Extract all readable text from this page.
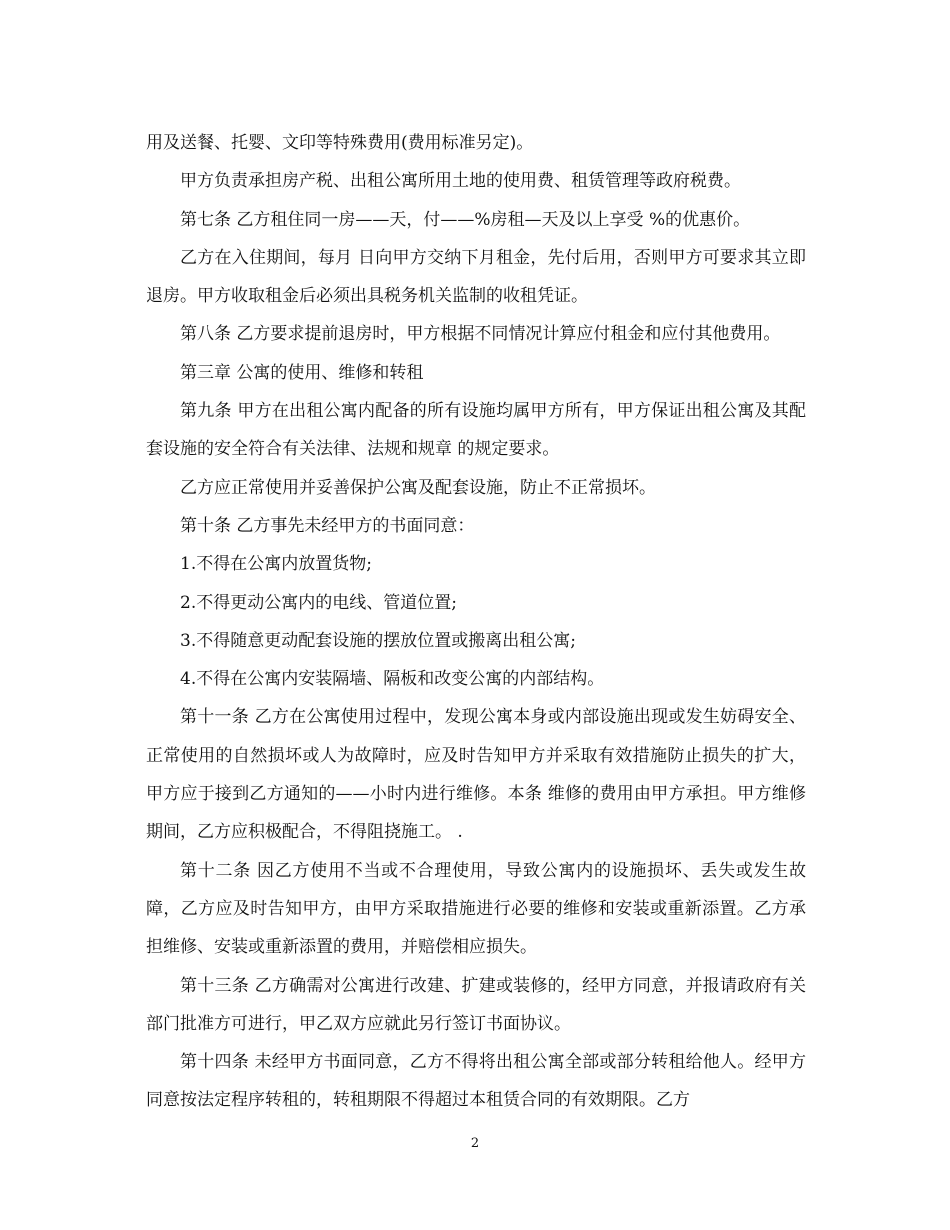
用及送餐、托婴、文印等特殊费用(费用标准另定)。

甲方负责承担房产税、出租公寓所用土地的使用费、租赁管理等政府税费。

第七条 乙方租住同一房——天，付——%房租—天及以上享受 %的优惠价。

乙方在入住期间，每月 日向甲方交纳下月租金，先付后用，否则甲方可要求其立即退房。甲方收取租金后必须出具税务机关监制的收租凭证。

第八条 乙方要求提前退房时，甲方根据不同情况计算应付租金和应付其他费用。

第三章 公寓的使用、维修和转租

第九条 甲方在出租公寓内配备的所有设施均属甲方所有，甲方保证出租公寓及其配套设施的安全符合有关法律、法规和规章 的规定要求。

乙方应正常使用并妥善保护公寓及配套设施，防止不正常损坏。

第十条 乙方事先未经甲方的书面同意：

1.不得在公寓内放置货物;

2.不得更动公寓内的电线、管道位置;

3.不得随意更动配套设施的摆放位置或搬离出租公寓;

4.不得在公寓内安装隔墙、隔板和改变公寓的内部结构。

第十一条 乙方在公寓使用过程中，发现公寓本身或内部设施出现或发生妨碍安全、正常使用的自然损坏或人为故障时，应及时告知甲方并采取有效措施防止损失的扩大，甲方应于接到乙方通知的——小时内进行维修。本条 维修的费用由甲方承担。甲方维修期间，乙方应积极配合，不得阻挠施工。 .

第十二条 因乙方使用不当或不合理使用，导致公寓内的设施损坏、丢失或发生故障，乙方应及时告知甲方，由甲方采取措施进行必要的维修和安装或重新添置。乙方承担维修、安装或重新添置的费用，并赔偿相应损失。

第十三条 乙方确需对公寓进行改建、扩建或装修的，经甲方同意，并报请政府有关部门批准方可进行，甲乙双方应就此另行签订书面协议。

第十四条 未经甲方书面同意，乙方不得将出租公寓全部或部分转租给他人。经甲方同意按法定程序转租的，转租期限不得超过本租赁合同的有效期限。乙方

2
